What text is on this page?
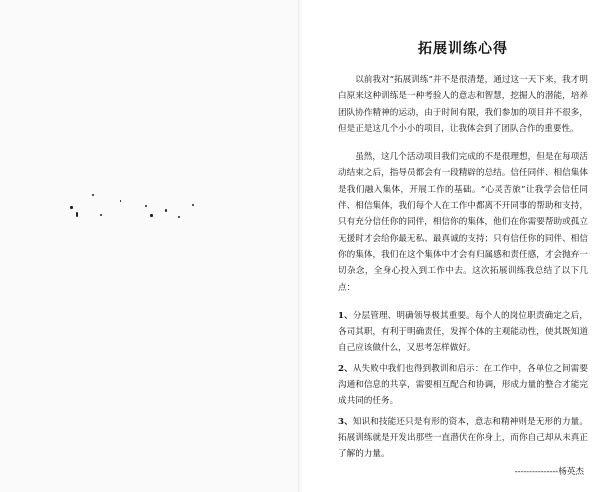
拓展训练心得

以前我对“拓展训练”并不是很清楚，通过这一天下来，我才明白原来这种训练是一种考验人的意志和智慧，挖掘人的潜能，培养团队协作精神的运动，由于时间有限，我们参加的项目并不很多，但是正是这几个小小的项目，让我体会到了团队合作的重要性。

虽然，这几个活动项目我们完成的不是很理想，但是在每项活动结束之后，指导员都会有一段精辟的总结。信任同伴、相信集体是我们融入集体，开展工作的基础。“心灵苦旅”让我学会信任同伴、相信集体，我们每个人在工作中都离不开同事的帮助和支持，只有充分信任你的同伴，相信你的集体，他们在你需要帮助或孤立无援时才会给你最无私、最真诚的支持；只有信任你的同伴、相信你的集体，我们在这个集体中才会有归属感和责任感，才会抛弃一切杂念，全身心投入到工作中去。这次拓展训练我总结了以下几点：

1、分层管理、明确领导极其重要。每个人的岗位职责确定之后，各司其职，有利于明确责任，发挥个体的主观能动性，使其既知道自己应该做什么，又思考怎样做好。

2、从失败中我们也得到教训和启示：在工作中，各单位之间需要沟通和信息的共享，需要相互配合和协调，形成力量的整合才能完成共同的任务。

3、知识和技能还只是有形的资本，意志和精神则是无形的力量。拓展训练就是开发出那些一直潜伏在你身上，而你自己却从未真正了解的力量。

---------------杨英杰
